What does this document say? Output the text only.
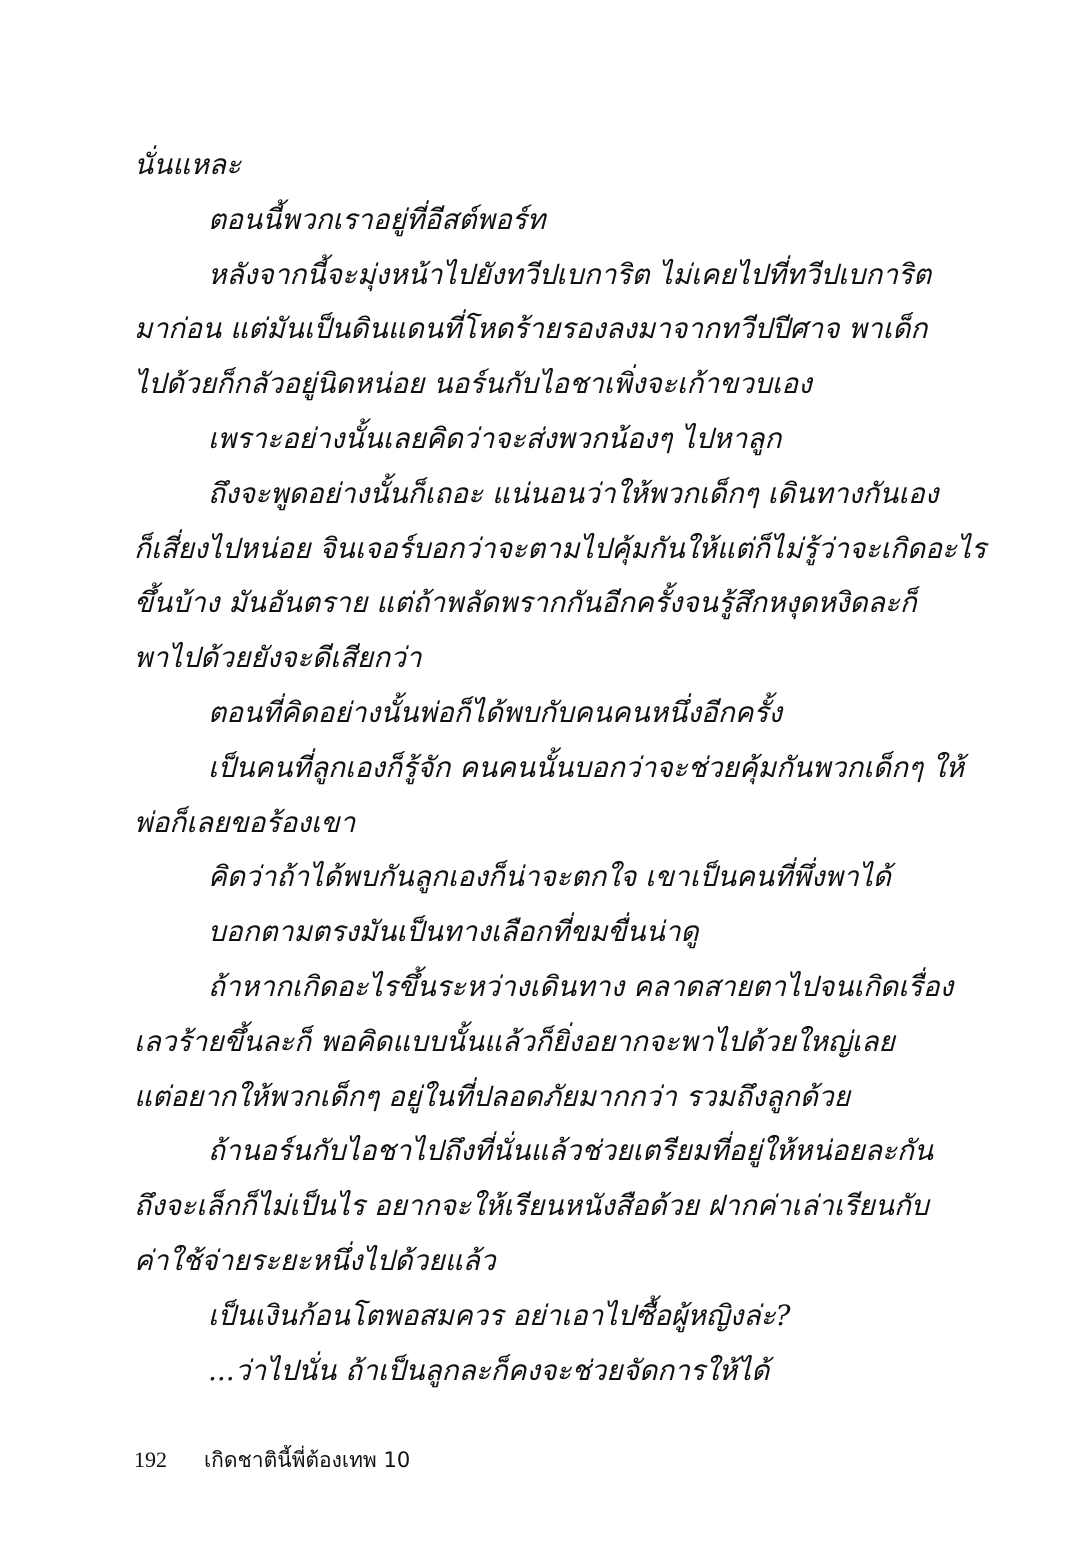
นั่นแหละ
ตอนนี้พวกเราอยู่ที่อีสต์พอร์ท
หลังจากนี้จะมุ่งหน้าไปยังทวีปเบการิต ไม่เคยไปที่ทวีปเบการิต
มาก่อน แต่มันเป็นดินแดนที่โหดร้ายรองลงมาจากทวีปปีศาจ พาเด็ก
ไปด้วยก็กลัวอยู่นิดหน่อย นอร์นกับไอชาเพิ่งจะเก้าขวบเอง
เพราะอย่างนั้นเลยคิดว่าจะส่งพวกน้องๆ ไปหาลูก
ถึงจะพูดอย่างนั้นก็เถอะ แน่นอนว่าให้พวกเด็กๆ เดินทางกันเอง
ก็เสี่ยงไปหน่อย จินเจอร์บอกว่าจะตามไปคุ้มกันให้แต่ก็ไม่รู้ว่าจะเกิดอะไร
ขึ้นบ้าง มันอันตราย แต่ถ้าพลัดพรากกันอีกครั้งจนรู้สึกหงุดหงิดละก็
พาไปด้วยยังจะดีเสียกว่า
ตอนที่คิดอย่างนั้นพ่อก็ได้พบกับคนคนหนึ่งอีกครั้ง
เป็นคนที่ลูกเองก็รู้จัก คนคนนั้นบอกว่าจะช่วยคุ้มกันพวกเด็กๆ ให้
พ่อก็เลยขอร้องเขา
คิดว่าถ้าได้พบกันลูกเองก็น่าจะตกใจ เขาเป็นคนที่พึ่งพาได้
บอกตามตรงมันเป็นทางเลือกที่ขมขื่นน่าดู
ถ้าหากเกิดอะไรขึ้นระหว่างเดินทาง คลาดสายตาไปจนเกิดเรื่อง
เลวร้ายขึ้นละก็ พอคิดแบบนั้นแล้วก็ยิ่งอยากจะพาไปด้วยใหญ่เลย
แต่อยากให้พวกเด็กๆ อยู่ในที่ปลอดภัยมากกว่า รวมถึงลูกด้วย
ถ้านอร์นกับไอชาไปถึงที่นั่นแล้วช่วยเตรียมที่อยู่ให้หน่อยละกัน
ถึงจะเล็กก็ไม่เป็นไร อยากจะให้เรียนหนังสือด้วย ฝากค่าเล่าเรียนกับ
ค่าใช้จ่ายระยะหนึ่งไปด้วยแล้ว
เป็นเงินก้อนโตพอสมควร อย่าเอาไปซื้อผู้หญิงล่ะ?
...ว่าไปนั่น ถ้าเป็นลูกละก็คงจะช่วยจัดการให้ได้
192 เกิดชาตินี้พี่ต้องเทพ 10
